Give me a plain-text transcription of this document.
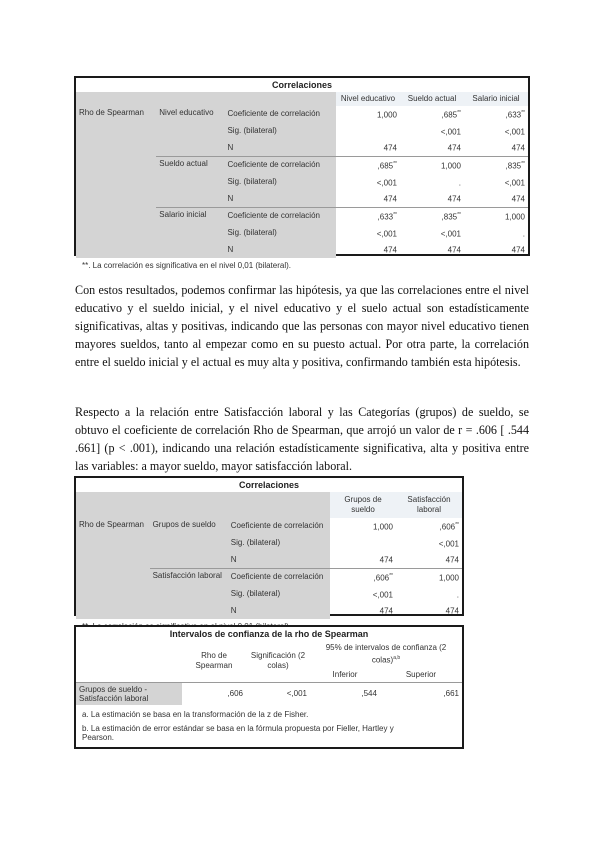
Correlaciones					
			Nivel educativo	Sueldo actual	Salario inicial
Rho de Spearman	Nivel educativo	Coeficiente de correlación	1,000	,685**	,633**
		Sig. (bilateral)		<,001	<,001
		N	474	474	474
	Sueldo actual	Coeficiente de correlación	,685**	1,000	,835**
		Sig. (bilateral)	<,001	.	<,001
		N	474	474	474
	Salario inicial	Coeficiente de correlación	,633**	,835**	1,000
		Sig. (bilateral)	<,001	<,001	.
		N	474	474	474
**. La correlación es significativa en el nivel 0,01 (bilateral).
Con estos resultados, podemos confirmar las hipótesis, ya que las correlaciones entre el nivel educativo y el sueldo inicial, y el nivel educativo y el suelo actual son estadísticamente significativas, altas y positivas, indicando que las personas con mayor nivel educativo tienen mayores sueldos, tanto al empezar como en su puesto actual. Por otra parte, la correlación entre el sueldo inicial y el actual es muy alta y positiva, confirmando también esta hipótesis.
Respecto a la relación entre Satisfacción laboral y las Categorías (grupos) de sueldo, se obtuvo el coeficiente de correlación Rho de Spearman, que arrojó un valor de r = .606 [ .544 .661] (p < .001), indicando una relación estadísticamente significativa, alta y positiva entre las variables: a mayor sueldo, mayor satisfacción laboral.
Correlaciones				
			Grupos de sueldo	Satisfacción laboral
Rho de Spearman	Grupos de sueldo	Coeficiente de correlación	1,000	,606**
		Sig. (bilateral)		<,001
		N	474	474
	Satisfacción laboral	Coeficiente de correlación	,606**	1,000
		Sig. (bilateral)	<,001	.
		N	474	474
Intervalos de confianza de la rho de Spearman				
	Rho de Spearman	Significación (2 colas)	95% de intervalos de confianza (2 colas)$^{a,b}$
			Inferior	Superior
Grupos de sueldo - Satisfacción laboral	,606	<,001	,544	,661
a. La estimación se basa en la transformación de la z de Fisher.
b. La estimación de error estándar se basa en la fórmula propuesta por Fieller, Hartley y Pearson.
